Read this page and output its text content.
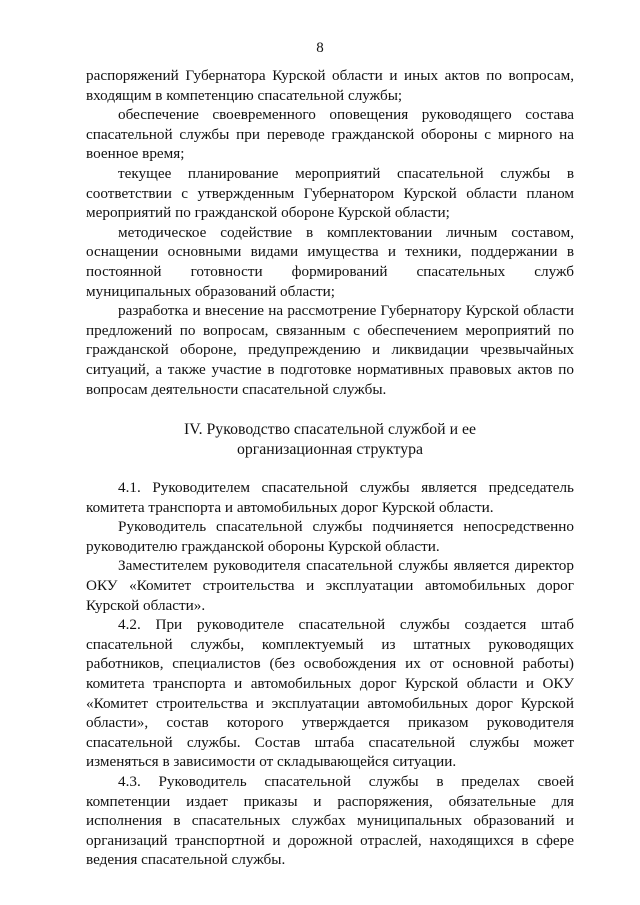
8

распоряжений Губернатора Курской области и иных актов по вопросам, входящим в компетенцию спасательной службы;

обеспечение своевременного оповещения руководящего состава спасательной службы при переводе гражданской обороны с мирного на военное время;

текущее планирование мероприятий спасательной службы в соответствии с утвержденным Губернатором Курской области планом мероприятий по гражданской обороне Курской области;

методическое содействие в комплектовании личным составом, оснащении основными видами имущества и техники, поддержании в постоянной готовности формирований спасательных служб муниципальных образований области;

разработка и внесение на рассмотрение Губернатору Курской области предложений по вопросам, связанным с обеспечением мероприятий по гражданской обороне, предупреждению и ликвидации чрезвычайных ситуаций, а также участие в подготовке нормативных правовых актов по вопросам деятельности спасательной службы.

IV. Руководство спасательной службой и ее
организационная структура

4.1. Руководителем спасательной службы является председатель комитета транспорта и автомобильных дорог Курской области.

Руководитель спасательной службы подчиняется непосредственно руководителю гражданской обороны Курской области.

Заместителем руководителя спасательной службы является директор ОКУ «Комитет строительства и эксплуатации автомобильных дорог Курской области».

4.2. При руководителе спасательной службы создается штаб спасательной службы, комплектуемый из штатных руководящих работников, специалистов (без освобождения их от основной работы) комитета транспорта и автомобильных дорог Курской области и ОКУ «Комитет строительства и эксплуатации автомобильных дорог Курской области», состав которого утверждается приказом руководителя спасательной службы. Состав штаба спасательной службы может изменяться в зависимости от складывающейся ситуации.

4.3. Руководитель спасательной службы в пределах своей компетенции издает приказы и распоряжения, обязательные для исполнения в спасательных службах муниципальных образований и организаций транспортной и дорожной отраслей, находящихся в сфере ведения спасательной службы.
